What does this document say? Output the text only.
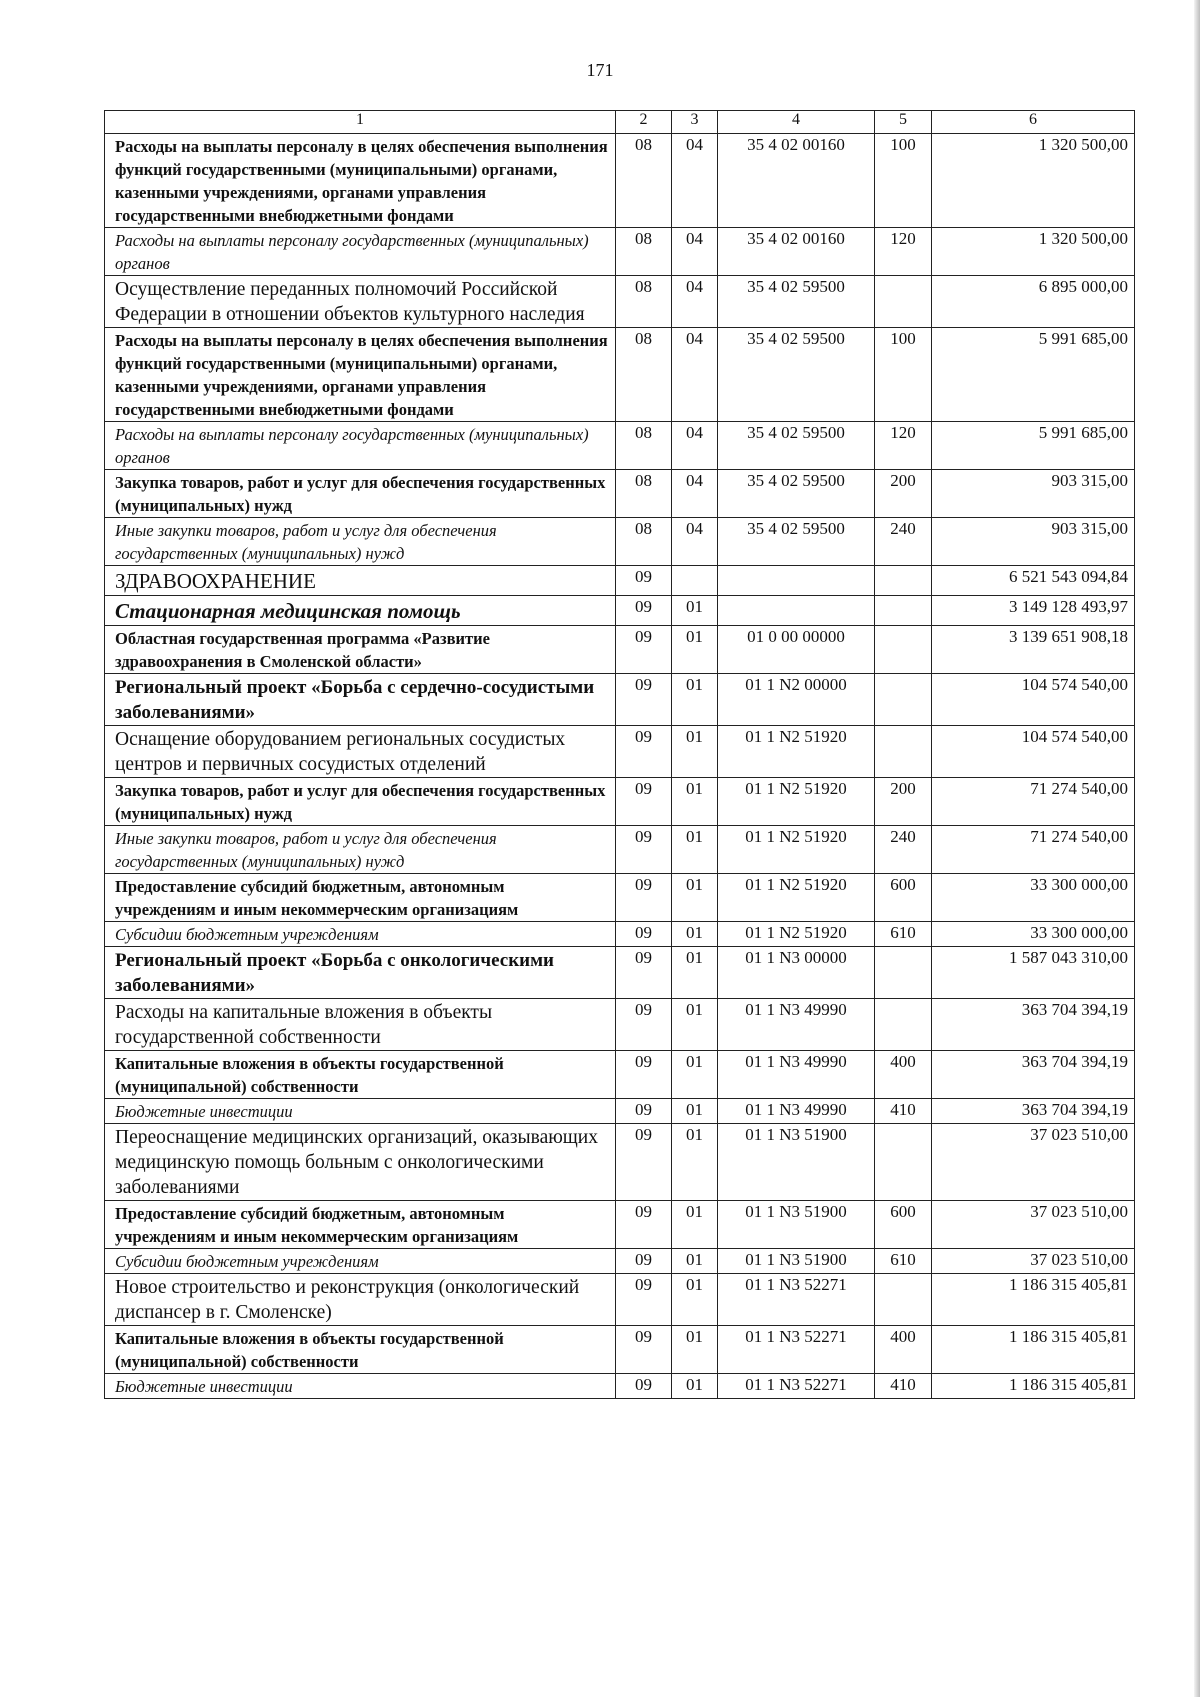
171
1	2	3	4	5	6
Расходы на выплаты персоналу в целях обеспечения выполнения функций государственными (муниципальными) органами, казенными учреждениями, органами управления государственными внебюджетными фондами	08	04	35 4 02 00160	100	1 320 500,00
Расходы на выплаты персоналу государственных (муниципальных) органов	08	04	35 4 02 00160	120	1 320 500,00
Осуществление переданных полномочий Российской Федерации в отношении объектов культурного наследия	08	04	35 4 02 59500		6 895 000,00
Расходы на выплаты персоналу в целях обеспечения выполнения функций государственными (муниципальными) органами, казенными учреждениями, органами управления государственными внебюджетными фондами	08	04	35 4 02 59500	100	5 991 685,00
Расходы на выплаты персоналу государственных (муниципальных) органов	08	04	35 4 02 59500	120	5 991 685,00
Закупка товаров, работ и услуг для обеспечения государственных (муниципальных) нужд	08	04	35 4 02 59500	200	903 315,00
Иные закупки товаров, работ и услуг для обеспечения государственных (муниципальных) нужд	08	04	35 4 02 59500	240	903 315,00
ЗДРАВООХРАНЕНИЕ	09				6 521 543 094,84
Стационарная медицинская помощь	09	01			3 149 128 493,97
Областная государственная программа «Развитие здравоохранения в Смоленской области»	09	01	01 0 00 00000		3 139 651 908,18
Региональный проект «Борьба с сердечно-сосудистыми заболеваниями»	09	01	01 1 N2 00000		104 574 540,00
Оснащение оборудованием региональных сосудистых центров и первичных сосудистых отделений	09	01	01 1 N2 51920		104 574 540,00
Закупка товаров, работ и услуг для обеспечения государственных (муниципальных) нужд	09	01	01 1 N2 51920	200	71 274 540,00
Иные закупки товаров, работ и услуг для обеспечения государственных (муниципальных) нужд	09	01	01 1 N2 51920	240	71 274 540,00
Предоставление субсидий бюджетным, автономным учреждениям и иным некоммерческим организациям	09	01	01 1 N2 51920	600	33 300 000,00
Субсидии бюджетным учреждениям	09	01	01 1 N2 51920	610	33 300 000,00
Региональный проект «Борьба с онкологическими заболеваниями»	09	01	01 1 N3 00000		1 587 043 310,00
Расходы на капитальные вложения в объекты государственной собственности	09	01	01 1 N3 49990		363 704 394,19
Капитальные вложения в объекты государственной (муниципальной) собственности	09	01	01 1 N3 49990	400	363 704 394,19
Бюджетные инвестиции	09	01	01 1 N3 49990	410	363 704 394,19
Переоснащение медицинских организаций, оказывающих медицинскую помощь больным с онкологическими заболеваниями	09	01	01 1 N3 51900		37 023 510,00
Предоставление субсидий бюджетным, автономным учреждениям и иным некоммерческим организациям	09	01	01 1 N3 51900	600	37 023 510,00
Субсидии бюджетным учреждениям	09	01	01 1 N3 51900	610	37 023 510,00
Новое строительство и реконструкция (онкологический диспансер в г. Смоленске)	09	01	01 1 N3 52271		1 186 315 405,81
Капитальные вложения в объекты государственной (муниципальной) собственности	09	01	01 1 N3 52271	400	1 186 315 405,81
Бюджетные инвестиции	09	01	01 1 N3 52271	410	1 186 315 405,81
